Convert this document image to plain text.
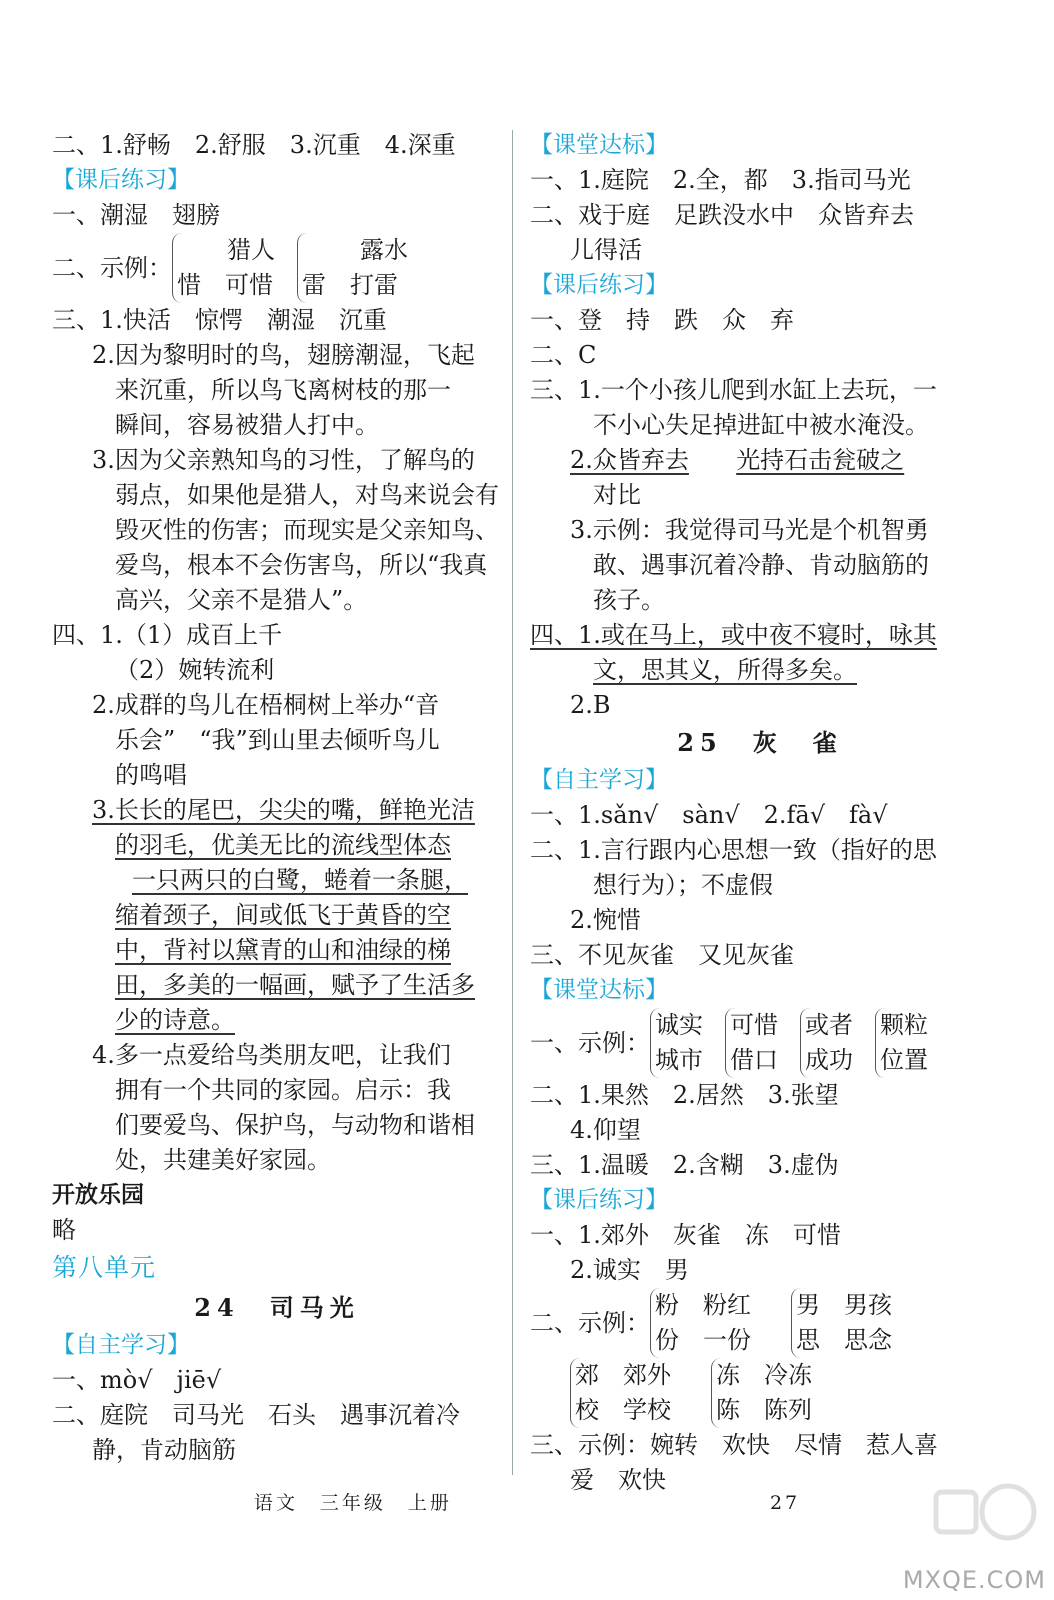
二、1.舒畅　2.舒服　3.沉重　4.深重
【课后练习】
一、潮湿　翅膀
二、示例：
猎人
惜　可惜
露水
雷　打雷
三、1.快活　惊愕　潮湿　沉重
2.因为黎明时的鸟，翅膀潮湿，飞起
来沉重，所以鸟飞离树枝的那一
瞬间，容易被猎人打中。
3.因为父亲熟知鸟的习性，了解鸟的
弱点，如果他是猎人，对鸟来说会有
毁灭性的伤害；而现实是父亲知鸟、
爱鸟，根本不会伤害鸟，所以“我真
高兴，父亲不是猎人”。
四、1.（1）成百上千
（2）婉转流利
2.成群的鸟儿在梧桐树上举办“音
乐会”　“我”到山里去倾听鸟儿
的鸣唱
3.长长的尾巴，尖尖的嘴，鲜艳光洁
的羽毛，优美无比的流线型体态
一只两只的白鹭，蜷着一条腿，
缩着颈子，间或低飞于黄昏的空
中，背衬以黛青的山和油绿的梯
田，多美的一幅画，赋予了生活多
少的诗意。
4.多一点爱给鸟类朋友吧，让我们
拥有一个共同的家园。启示：我
们要爱鸟、保护鸟，与动物和谐相
处，共建美好家园。
开放乐园
略
第八单元
24　司马光
【自主学习】
一、mò√　jiē√
二、庭院　司马光　石头　遇事沉着冷
静，肯动脑筋
【课堂达标】
一、1.庭院　2.全，都　3.指司马光
二、戏于庭　足跌没水中　众皆弃去
儿得活
【课后练习】
一、登　持　跌　众　弃
二、C
三、1.一个小孩儿爬到水缸上去玩，一
不小心失足掉进缸中被水淹没。
2.众皆弃去 光持石击瓮破之
对比
3.示例：我觉得司马光是个机智勇
敢、遇事沉着冷静、肯动脑筋的
孩子。
四、1.或在马上，或中夜不寝时，咏其
文，思其义，所得多矣。
2.B
25　灰　雀
【自主学习】
一、1.sǎn√　sàn√　2.fā√　fà√
二、1.言行跟内心思想一致（指好的思
想行为）；不虚假
2.惋惜
三、不见灰雀　又见灰雀
【课堂达标】
一、示例：
诚实
城市
可惜
借口
或者
成功
颗粒
位置
二、1.果然　2.居然　3.张望
4.仰望
三、1.温暖　2.含糊　3.虚伪
【课后练习】
一、1.郊外　灰雀　冻　可惜
2.诚实　男
二、示例：
粉　粉红
份　一份
男　男孩
思　思念
郊　郊外
校　学校
冻　冷冻
陈　陈列
三、示例：婉转　欢快　尽情　惹人喜
爱　欢快
语文　三年级　上册	27
MXQE.COM
